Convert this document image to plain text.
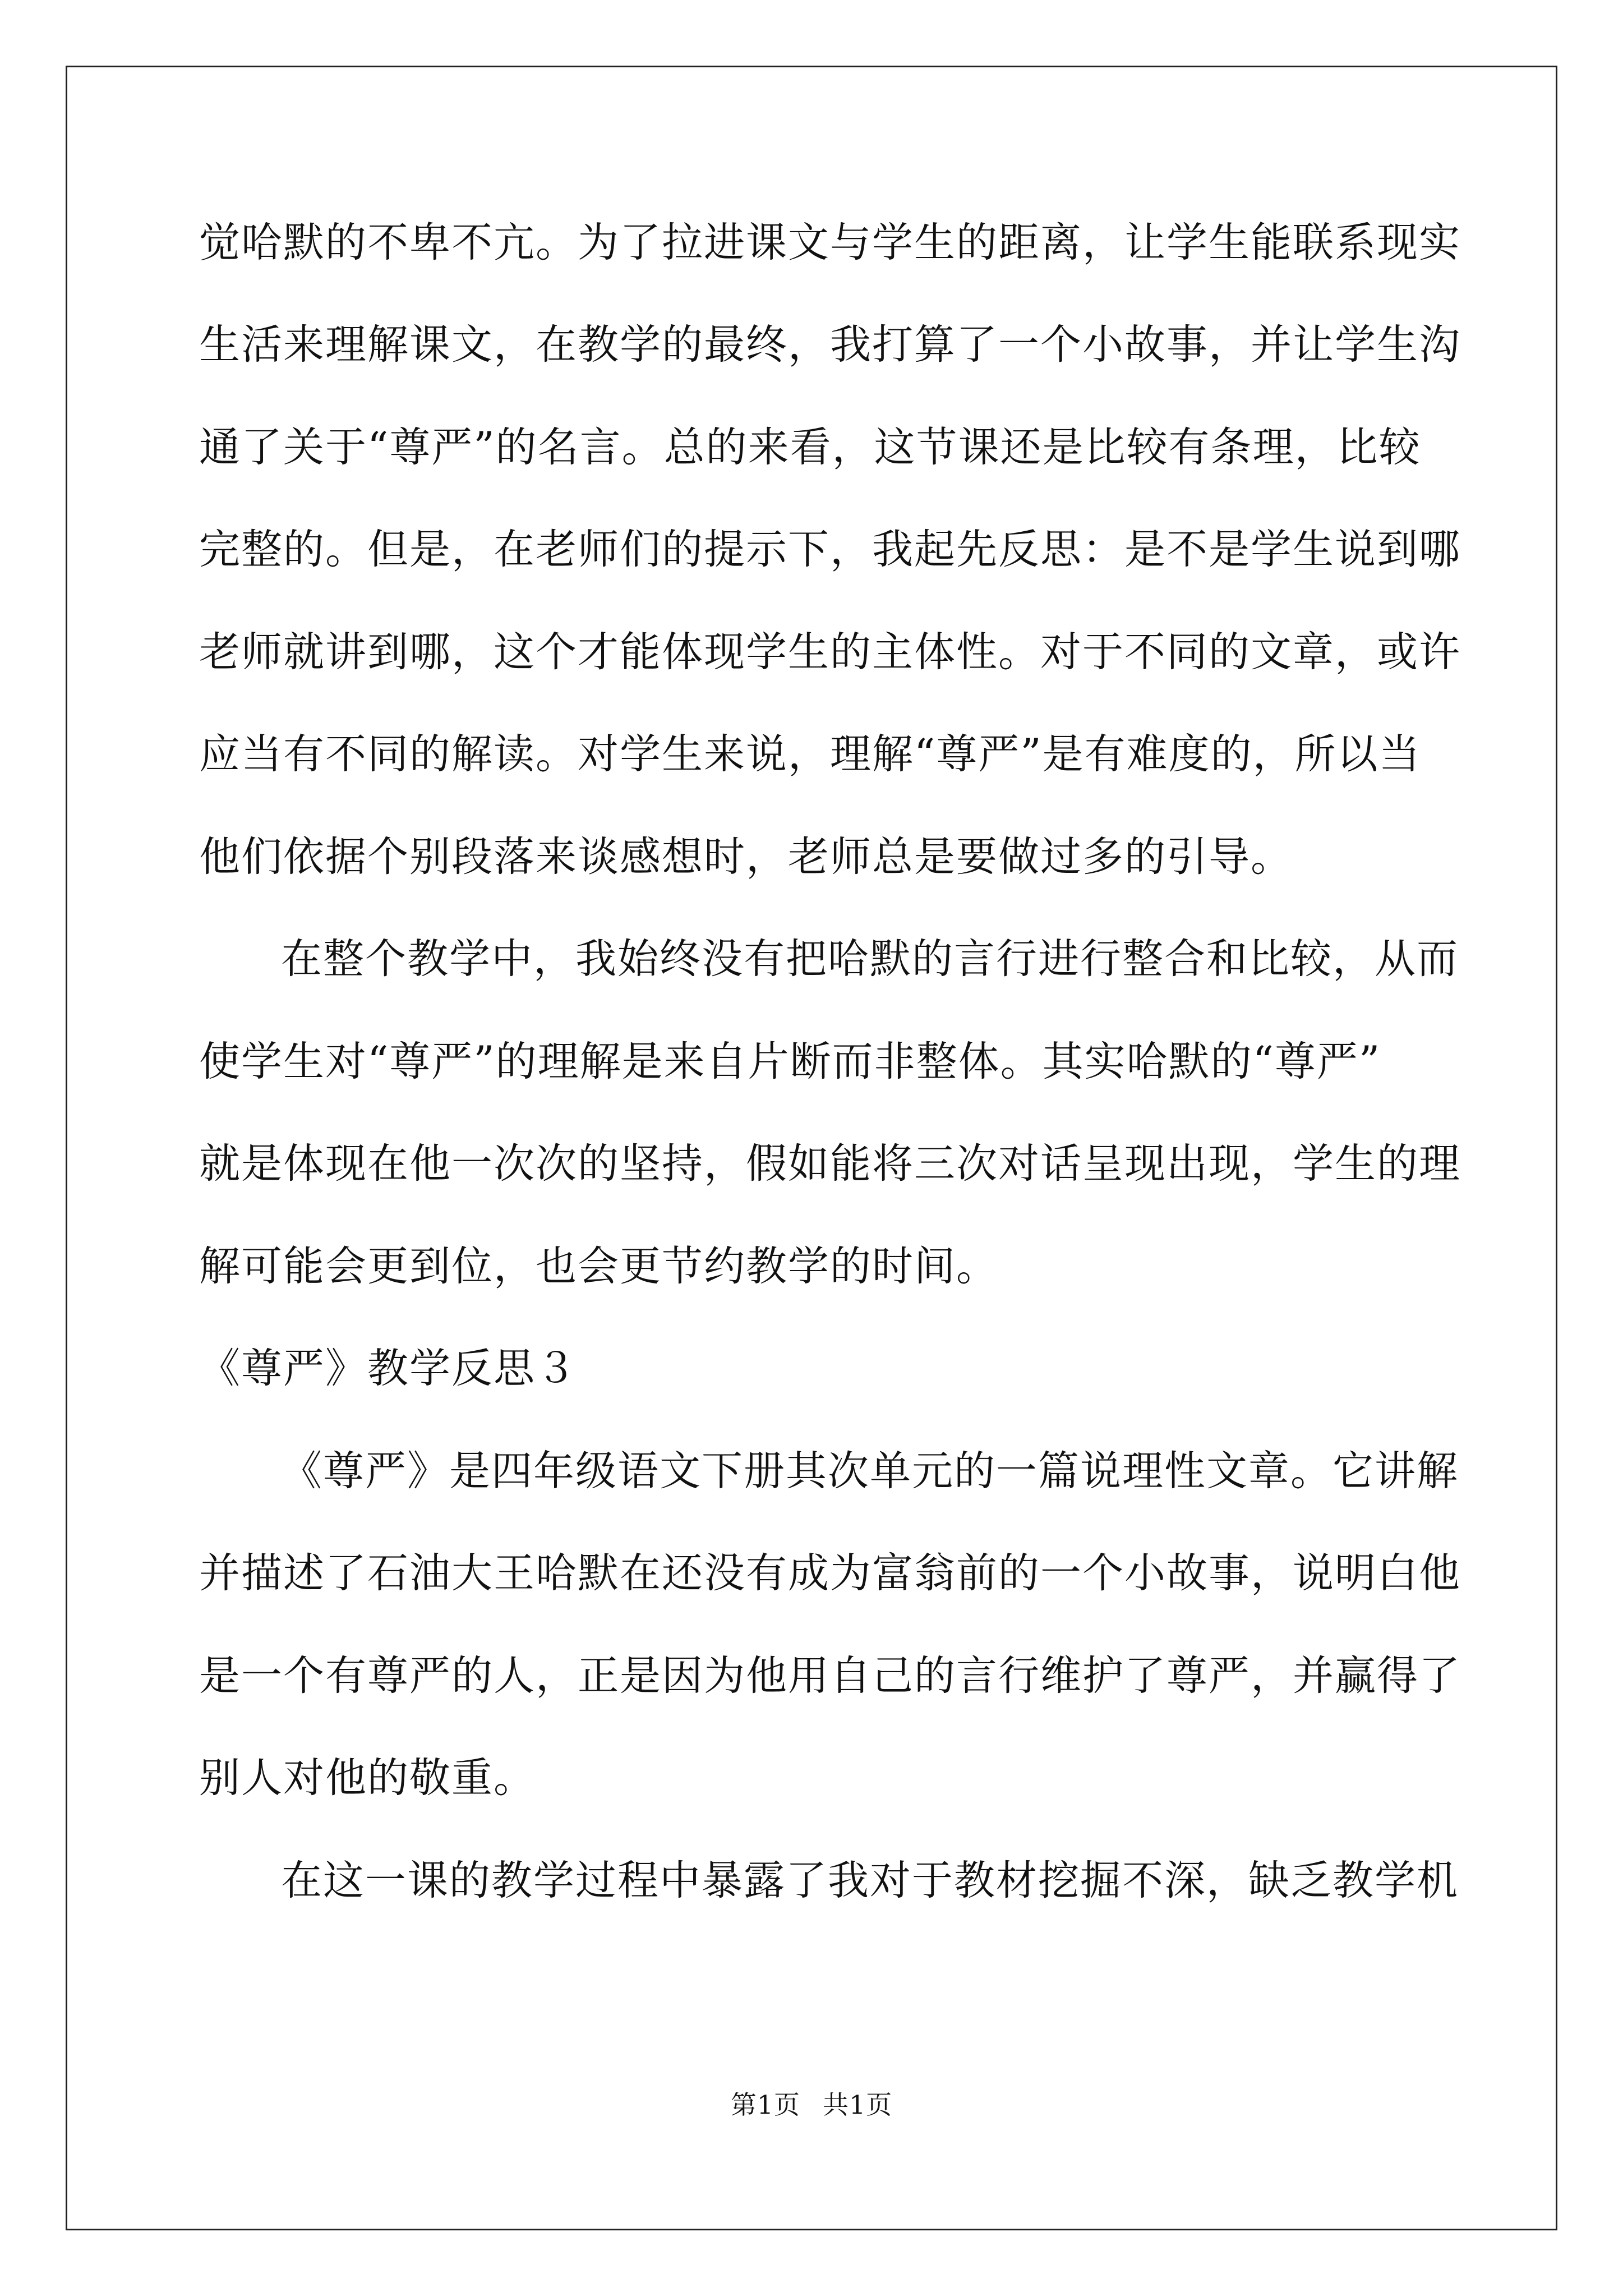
觉哈默的不卑不亢。为了拉进课文与学生的距离，让学生能联系现实
生活来理解课文，在教学的最终，我打算了一个小故事，并让学生沟
通了关于“尊严”的名言。总的来看，这节课还是比较有条理，比较
完整的。但是，在老师们的提示下，我起先反思：是不是学生说到哪
老师就讲到哪，这个才能体现学生的主体性。对于不同的文章，或许
应当有不同的解读。对学生来说，理解“尊严”是有难度的，所以当
他们依据个别段落来谈感想时，老师总是要做过多的引导。
在整个教学中，我始终没有把哈默的言行进行整合和比较，从而
使学生对“尊严”的理解是来自片断而非整体。其实哈默的“尊严”
就是体现在他一次次的坚持，假如能将三次对话呈现出现，学生的理
解可能会更到位，也会更节约教学的时间。
《尊严》教学反思３
《尊严》是四年级语文下册其次单元的一篇说理性文章。它讲解
并描述了石油大王哈默在还没有成为富翁前的一个小故事，说明白他
是一个有尊严的人，正是因为他用自己的言行维护了尊严，并赢得了
别人对他的敬重。
在这一课的教学过程中暴露了我对于教材挖掘不深，缺乏教学机
第1页 共1页
